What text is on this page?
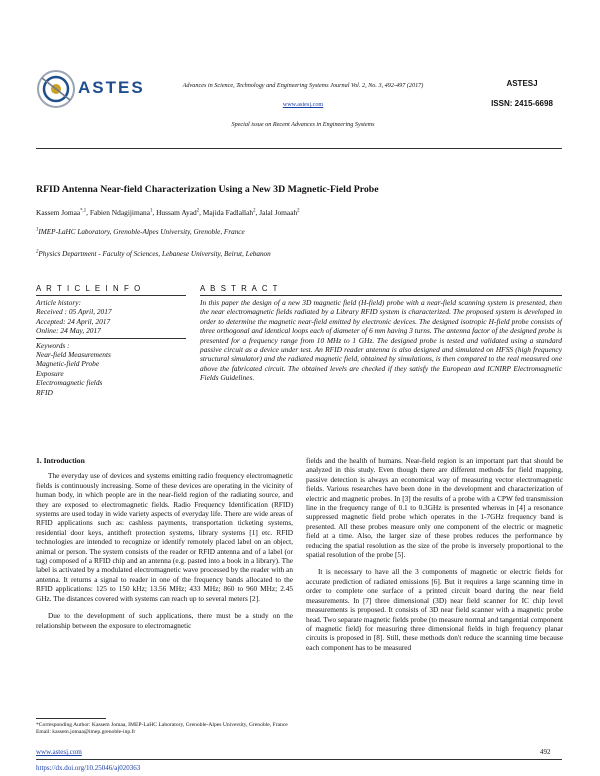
ASTES	Advances in Science, Technology and Engineering Systems Journal Vol. 2, No. 3, 492-497 (2017)
www.astesj.com
Special issue on Recent Advances in Engineering Systems
ASTESJ
ISSN: 2415-6698
RFID Antenna Near-field Characterization Using a New 3D Magnetic-Field Probe
Kassem Jomaa$^{*,1}$, Fabien Ndagijimana$^1$, Hussam Ayad$^2$, Majida Fadlallah$^2$, Jalal Jomaah$^2$
$^1$IMEP-LaHC Laboratory, Grenoble-Alpes University, Grenoble, France
$^2$Physics Department - Faculty of Sciences, Lebanese University, Beirut, Lebanon
A R T I C L E I N F O
Article history:
Received : 05 April, 2017
Accepted: 24 April, 2017
Online: 24 May, 2017
Keywords :
Near-field Measurements
Magnetic-field Probe
Exposure
Electromagnetic fields
RFID
A B S T R A C T
In this paper the design of a new 3D magnetic field (H-field) probe with a near-field scanning system is presented, then the near electromagnetic fields radiated by a Library RFID system is characterized. The proposed system is developed in order to determine the magnetic near-field emitted by electronic devices. The designed isotropic H-field probe consists of three orthogonal and identical loops each of diameter of 6 mm having 3 turns. The antenna factor of the designed probe is presented for a frequency range from 10 MHz to 1 GHz. The designed probe is tested and validated using a standard passive circuit as a device under test. An RFID reader antenna is also designed and simulated on HFSS (high frequency structural simulator) and the radiated magnetic field, obtained by simulations, is then compared to the real measured one above the fabricated circuit. The obtained levels are checked if they satisfy the European and ICNIRP Electromagnetic Fields Guidelines.
1. Introduction

The everyday use of devices and systems emitting radio frequency electromagnetic fields is continuously increasing. Some of these devices are operating in the vicinity of human body, in which people are in the near-field region of the radiating source, and they are exposed to electromagnetic fields. Radio Frequency Identification (RFID) systems are used today in wide variety aspects of everyday life. There are wide areas of RFID applications such as: cashless payments, transportation ticketing systems, residential door keys, antitheft protection systems, library systems [1] etc. RFID technologies are intended to recognize or identify remotely placed label on an object, animal or person. The system consists of the reader or RFID antenna and of a label (or tag) composed of a RFID chip and an antenna (e.g. pasted into a book in a library). The label is activated by a modulated electromagnetic wave processed by the reader with an antenna. It returns a signal to reader in one of the frequency bands allocated to the RFID applications: 125 to 150 kHz; 13.56 MHz; 433 MHz; 860 to 960 MHz; 2.45 GHz. The distances covered with systems can reach up to several meters [2].

Due to the development of such applications, there must be a study on the relationship between the exposure to electromagnetic

fields and the health of humans. Near-field region is an important part that should be analyzed in this study. Even though there are different methods for field mapping, passive detection is always an economical way of measuring vector electromagnetic fields. Various researches have been done in the development and characterization of electric and magnetic probes. In [3] the results of a probe with a CPW fed transmission line in the frequency range of 0.1 to 0.3GHz is presented whereas in [4] a resonance suppressed magnetic field probe which operates in the 1-7GHz frequency band is presented. All these probes measure only one component of the electric or magnetic field at a time. Also, the larger size of these probes reduces the performance by reducing the spatial resolution as the size of the probe is inversely proportional to the spatial resolution of the probe [5].

It is necessary to have all the 3 components of magnetic or electric fields for accurate prediction of radiated emissions [6]. But it requires a large scanning time in order to complete one surface of a printed circuit board during the near field measurements. In [7] three dimensional (3D) near field scanner for IC chip level measurements is proposed. It consists of 3D near field scanner with a magnetic probe head. Two separate magnetic fields probe (to measure normal and tangential component of magnetic field) for measuring three dimensional fields in high frequency planar circuits is proposed in [8]. Still, these methods don't reduce the scanning time because each component has to be measured

*Corresponding Author: Kassem Jomaa, IMEP-LaHC Laboratory, Grenoble-Alpes University, Grenoble, France Email: kassem.jomaa@imep.grenoble-inp.fr
www.astesj.com	492
https://dx.doi.org/10.25046/aj020363
